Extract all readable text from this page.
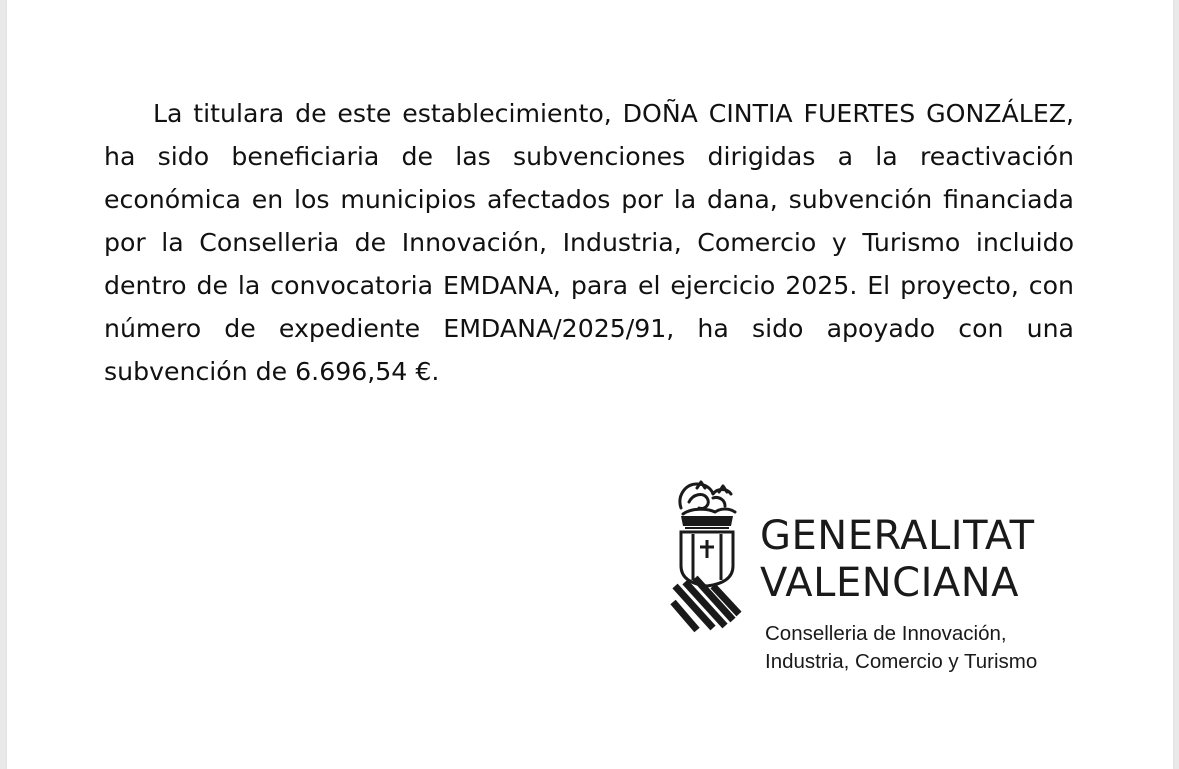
La titulara de este establecimiento, DOÑA CINTIA FUERTES GONZÁLEZ, ha sido beneficiaria de las subvenciones dirigidas a la reactivación económica en los municipios afectados por la dana, subvención financiada por la Conselleria de Innovación, Industria, Comercio y Turismo incluido dentro de la convocatoria EMDANA, para el ejercicio 2025. El proyecto, con número de expediente EMDANA/2025/91, ha sido apoyado con una subvención de 6.696,54 €.

GENERALITAT
VALENCIANA
Conselleria de Innovación,
Industria, Comercio y Turismo
